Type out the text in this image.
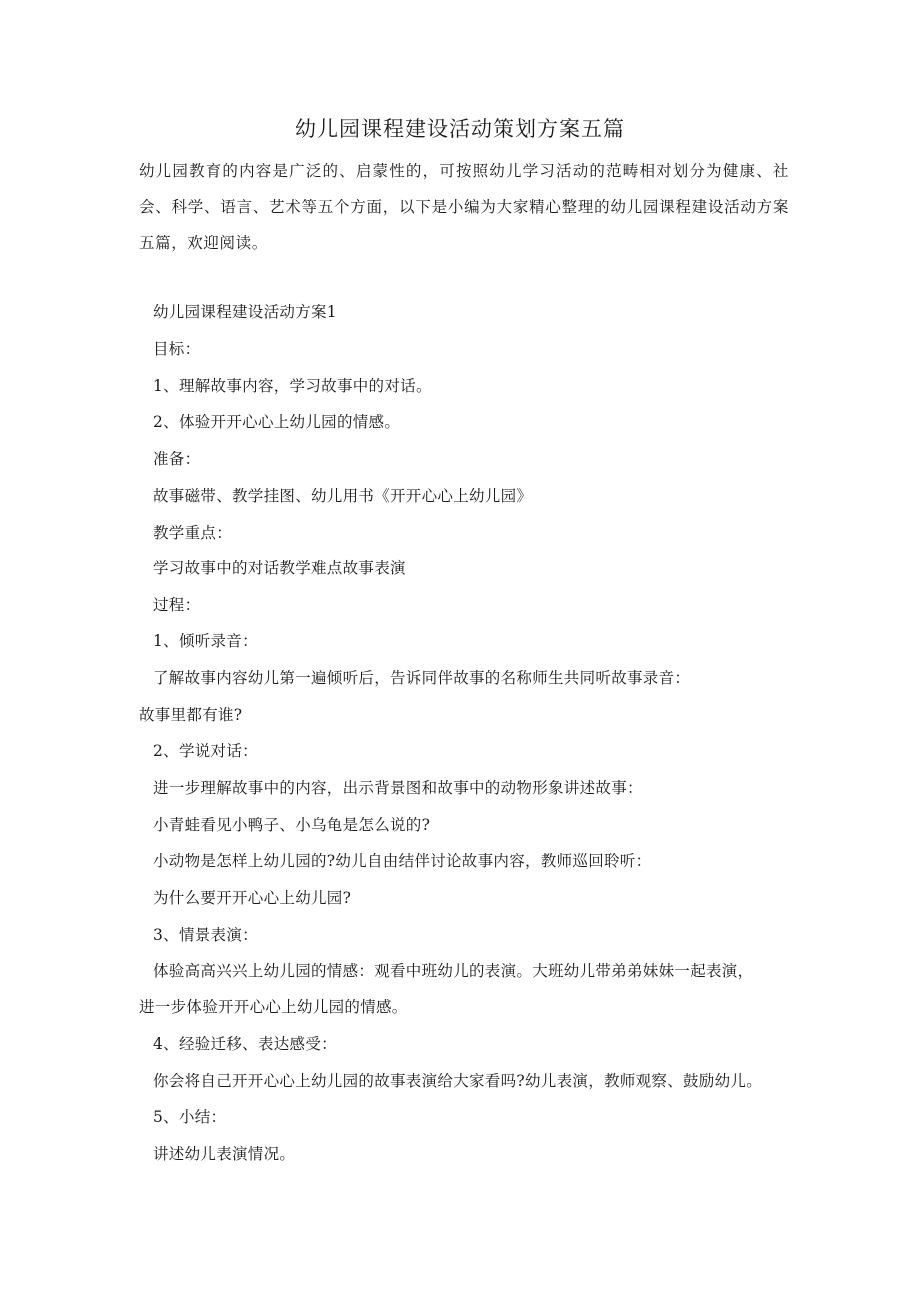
幼儿园课程建设活动策划方案五篇
幼儿园教育的内容是广泛的、启蒙性的，可按照幼儿学习活动的范畴相对划分为健康、社会、科学、语言、艺术等五个方面，以下是小编为大家精心整理的幼儿园课程建设活动方案五篇，欢迎阅读。
幼儿园课程建设活动方案1
目标：
1、理解故事内容，学习故事中的对话。
2、体验开开心心上幼儿园的情感。
准备：
故事磁带、教学挂图、幼儿用书《开开心心上幼儿园》
教学重点：
学习故事中的对话教学难点故事表演
过程：
1、倾听录音：
了解故事内容幼儿第一遍倾听后，告诉同伴故事的名称师生共同听故事录音：
故事里都有谁?
2、学说对话：
进一步理解故事中的内容，出示背景图和故事中的动物形象讲述故事：
小青蛙看见小鸭子、小乌龟是怎么说的?
小动物是怎样上幼儿园的?幼儿自由结伴讨论故事内容，教师巡回聆听：
为什么要开开心心上幼儿园?
3、情景表演：
体验高高兴兴上幼儿园的情感：观看中班幼儿的表演。大班幼儿带弟弟妹妹一起表演，
进一步体验开开心心上幼儿园的情感。
4、经验迁移、表达感受：
你会将自己开开心心上幼儿园的故事表演给大家看吗?幼儿表演，教师观察、鼓励幼儿。
5、小结：
讲述幼儿表演情况。
